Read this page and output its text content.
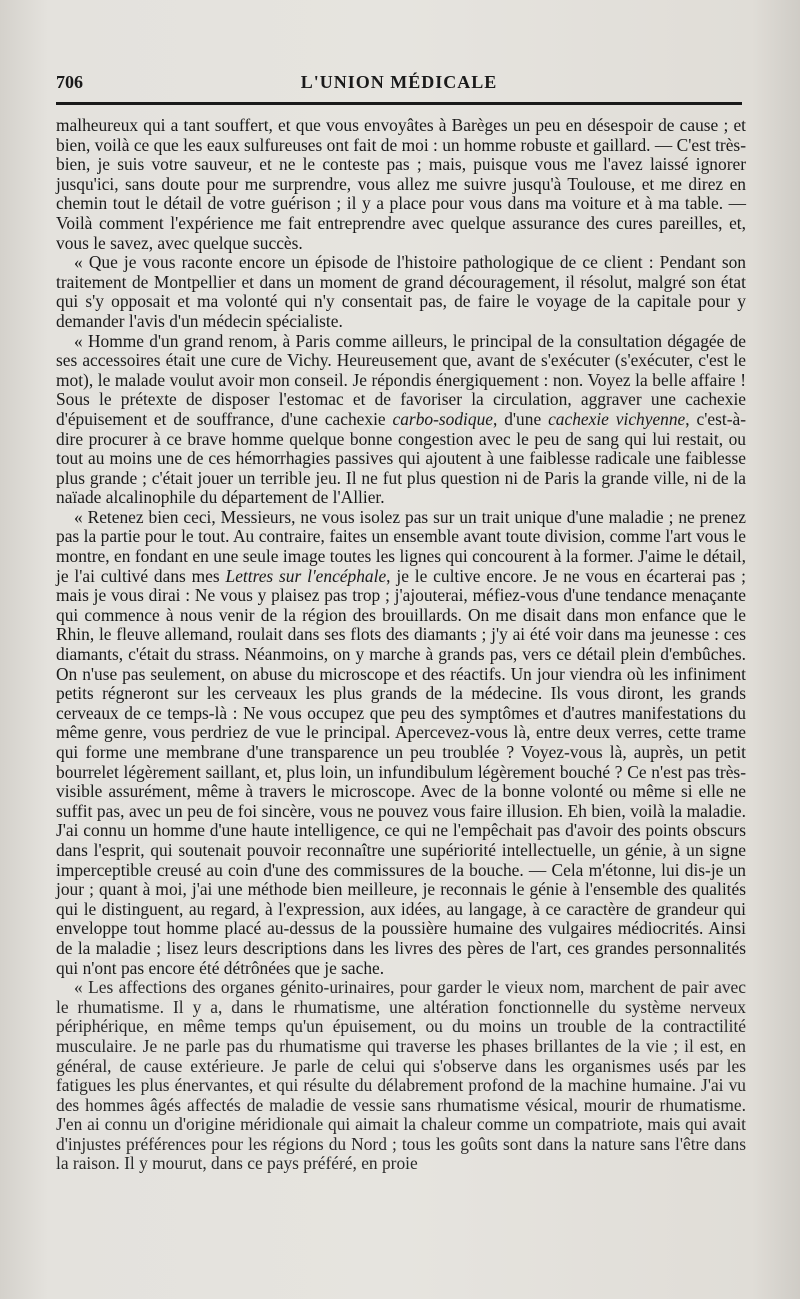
706	L'UNION MÉDICALE

malheureux qui a tant souffert, et que vous envoyâtes à Barèges un peu en désespoir de cause ; et bien, voilà ce que les eaux sulfureuses ont fait de moi : un homme robuste et gaillard. — C'est très-bien, je suis votre sauveur, et ne le conteste pas ; mais, puisque vous me l'avez laissé ignorer jusqu'ici, sans doute pour me surprendre, vous allez me suivre jusqu'à Toulouse, et me direz en chemin tout le détail de votre guérison ; il y a place pour vous dans ma voiture et à ma table. — Voilà comment l'expérience me fait entreprendre avec quelque assurance des cures pareilles, et, vous le savez, avec quelque succès.

« Que je vous raconte encore un épisode de l'histoire pathologique de ce client : Pendant son traitement de Montpellier et dans un moment de grand découragement, il résolut, malgré son état qui s'y opposait et ma volonté qui n'y consentait pas, de faire le voyage de la capitale pour y demander l'avis d'un médecin spécialiste.

« Homme d'un grand renom, à Paris comme ailleurs, le principal de la consultation dégagée de ses accessoires était une cure de Vichy. Heureusement que, avant de s'exécuter (s'exécuter, c'est le mot), le malade voulut avoir mon conseil. Je répondis énergiquement : non. Voyez la belle affaire ! Sous le prétexte de disposer l'estomac et de favoriser la circulation, aggraver une cachexie d'épuisement et de souffrance, d'une cachexie carbo-sodique, d'une cachexie vichyenne, c'est-à-dire procurer à ce brave homme quelque bonne congestion avec le peu de sang qui lui restait, ou tout au moins une de ces hémorrhagies passives qui ajoutent à une faiblesse radicale une faiblesse plus grande ; c'était jouer un terrible jeu. Il ne fut plus question ni de Paris la grande ville, ni de la naïade alcalinophile du département de l'Allier.

« Retenez bien ceci, Messieurs, ne vous isolez pas sur un trait unique d'une maladie ; ne prenez pas la partie pour le tout. Au contraire, faites un ensemble avant toute division, comme l'art vous le montre, en fondant en une seule image toutes les lignes qui concourent à la former. J'aime le détail, je l'ai cultivé dans mes Lettres sur l'encéphale, je le cultive encore. Je ne vous en écarterai pas ; mais je vous dirai : Ne vous y plaisez pas trop ; j'ajouterai, méfiez-vous d'une tendance menaçante qui commence à nous venir de la région des brouillards. On me disait dans mon enfance que le Rhin, le fleuve allemand, roulait dans ses flots des diamants ; j'y ai été voir dans ma jeunesse : ces diamants, c'était du strass. Néanmoins, on y marche à grands pas, vers ce détail plein d'embûches. On n'use pas seulement, on abuse du microscope et des réactifs. Un jour viendra où les infiniment petits régneront sur les cerveaux les plus grands de la médecine. Ils vous diront, les grands cerveaux de ce temps-là : Ne vous occupez que peu des symptômes et d'autres manifestations du même genre, vous perdriez de vue le principal. Apercevez-vous là, entre deux verres, cette trame qui forme une membrane d'une transparence un peu troublée ? Voyez-vous là, auprès, un petit bourrelet légèrement saillant, et, plus loin, un infundibulum légèrement bouché ? Ce n'est pas très-visible assurément, même à travers le microscope. Avec de la bonne volonté ou même si elle ne suffit pas, avec un peu de foi sincère, vous ne pouvez vous faire illusion. Eh bien, voilà la maladie. J'ai connu un homme d'une haute intelligence, ce qui ne l'empêchait pas d'avoir des points obscurs dans l'esprit, qui soutenait pouvoir reconnaître une supériorité intellectuelle, un génie, à un signe imperceptible creusé au coin d'une des commissures de la bouche. — Cela m'étonne, lui dis-je un jour ; quant à moi, j'ai une méthode bien meilleure, je reconnais le génie à l'ensemble des qualités qui le distinguent, au regard, à l'expression, aux idées, au langage, à ce caractère de grandeur qui enveloppe tout homme placé au-dessus de la poussière humaine des vulgaires médiocrités. Ainsi de la maladie ; lisez leurs descriptions dans les livres des pères de l'art, ces grandes personnalités qui n'ont pas encore été détrônées que je sache.

« Les affections des organes génito-urinaires, pour garder le vieux nom, marchent de pair avec le rhumatisme. Il y a, dans le rhumatisme, une altération fonctionnelle du système nerveux périphérique, en même temps qu'un épuisement, ou du moins un trouble de la contractilité musculaire. Je ne parle pas du rhumatisme qui traverse les phases brillantes de la vie ; il est, en général, de cause extérieure. Je parle de celui qui s'observe dans les organismes usés par les fatigues les plus énervantes, et qui résulte du délabrement profond de la machine humaine. J'ai vu des hommes âgés affectés de maladie de vessie sans rhumatisme vésical, mourir de rhumatisme. J'en ai connu un d'origine méridionale qui aimait la chaleur comme un compatriote, mais qui avait d'injustes préférences pour les régions du Nord ; tous les goûts sont dans la nature sans l'être dans la raison. Il y mourut, dans ce pays préféré, en proie
